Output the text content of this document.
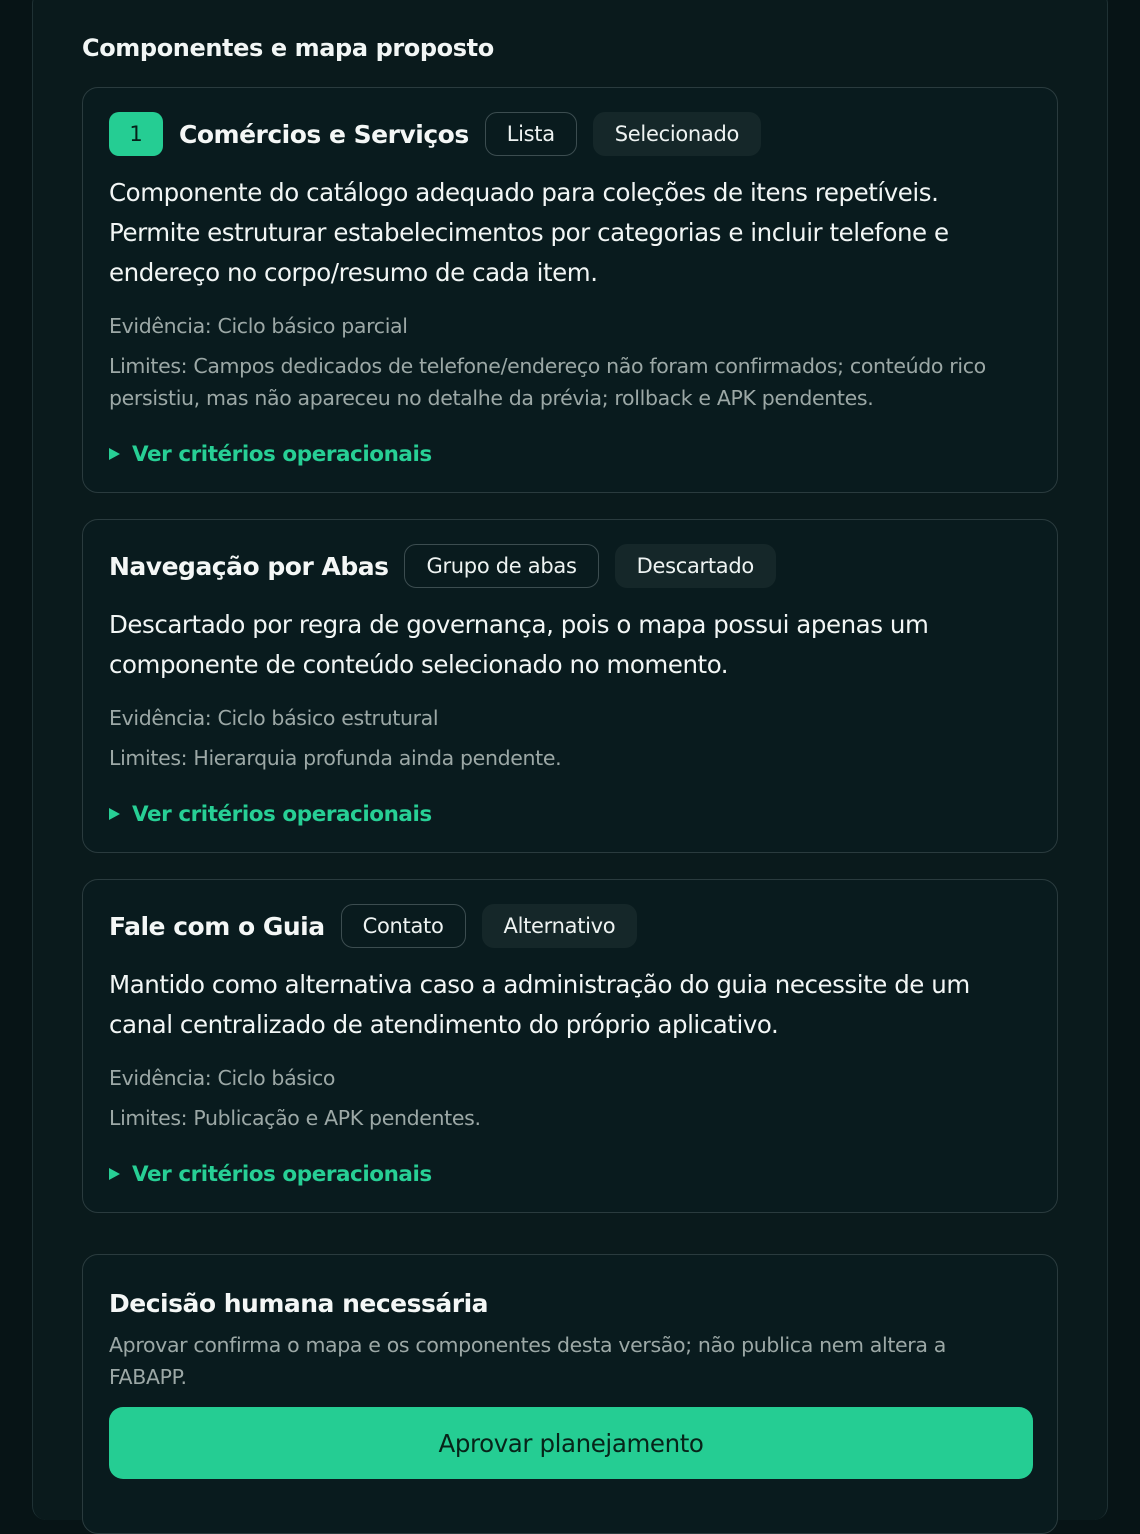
Componentes e mapa proposto
1	Comércios e Serviços	Lista	Selecionado

Componente do catálogo adequado para coleções de itens repetíveis. Permite estruturar estabelecimentos por categorias e incluir telefone e endereço no corpo/resumo de cada item.

Evidência: Ciclo básico parcial

Limites: Campos dedicados de telefone/endereço não foram confirmados; conteúdo rico persistiu, mas não apareceu no detalhe da prévia; rollback e APK pendentes.

Ver critérios operacionais
Navegação por Abas	Grupo de abas	Descartado

Descartado por regra de governança, pois o mapa possui apenas um componente de conteúdo selecionado no momento.

Evidência: Ciclo básico estrutural

Limites: Hierarquia profunda ainda pendente.

Ver critérios operacionais
Fale com o Guia	Contato	Alternativo

Mantido como alternativa caso a administração do guia necessite de um canal centralizado de atendimento do próprio aplicativo.

Evidência: Ciclo básico

Limites: Publicação e APK pendentes.

Ver critérios operacionais
Decisão humana necessária

Aprovar confirma o mapa e os componentes desta versão; não publica nem altera a FABAPP.

Aprovar planejamento
